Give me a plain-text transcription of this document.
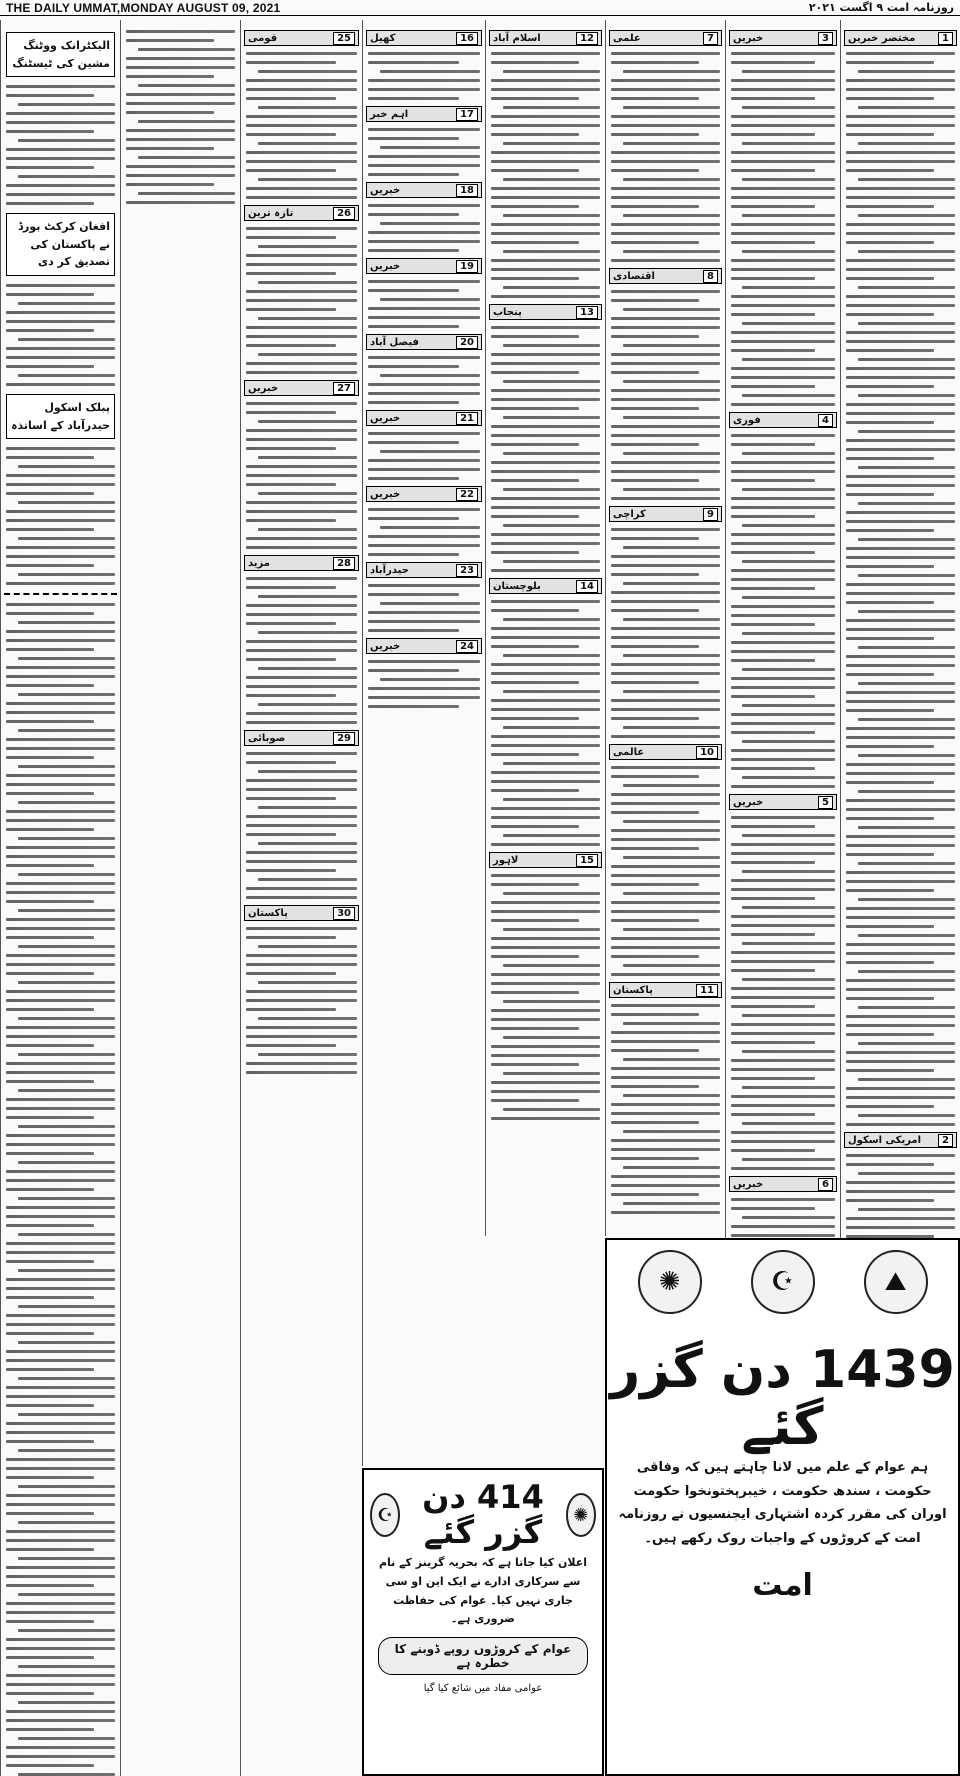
THE DAILY UMMAT,MONDAY AUGUST 09, 2021	روزنامہ امت ۹ اگست ۲۰۲۱
مختصر خبریں	1
امریکی اسکول	2
خبریں	3
فوری	4
خبریں	5
خبریں	6
علمی	7
اقتصادی	8
کراچی	9
عالمی	10
پاکستان	11
اسلام آباد	12
پنجاب	13
بلوچستان	14
لاہور	15
کھیل	16
اہم خبر	17
خبریں	18
خبریں	19
فیصل آباد	20
خبریں	21
خبریں	22
حیدرآباد	23
خبریں	24
قومی	25
تازہ ترین	26
خبریں	27
مزید	28
صوبائی	29
پاکستان	30
الیکٹرانک ووٹنگ مشین کی ٹیسٹنگ
افغان کرکٹ بورڈ نے پاکستان کی تصدیق کر دی
پبلک اسکول حیدرآباد کے اساتذہ
✺	☪	⛰
1439 دن گزر گئے
ہم عوام کے علم میں لانا چاہتے ہیں کہ وفاقی حکومت ، سندھ حکومت ، خیبرپختونخوا حکومت اوران کی مقرر کردہ اشتہاری ایجنسیوں نے روزنامہ امت کے کروڑوں کے واجبات روک رکھے ہیں۔
امت
☪ 414 دن گزر گئے	✺
اعلان کیا جاتا ہے کہ بحریہ گرینز کے نام سے سرکاری ادارے نے ایک این او سی جاری نہیں کیا۔ عوام کی حفاظت ضروری ہے۔
عوام کے کروڑوں روپے ڈوبنے کا خطرہ ہے
عوامی مفاد میں شائع کیا گیا
